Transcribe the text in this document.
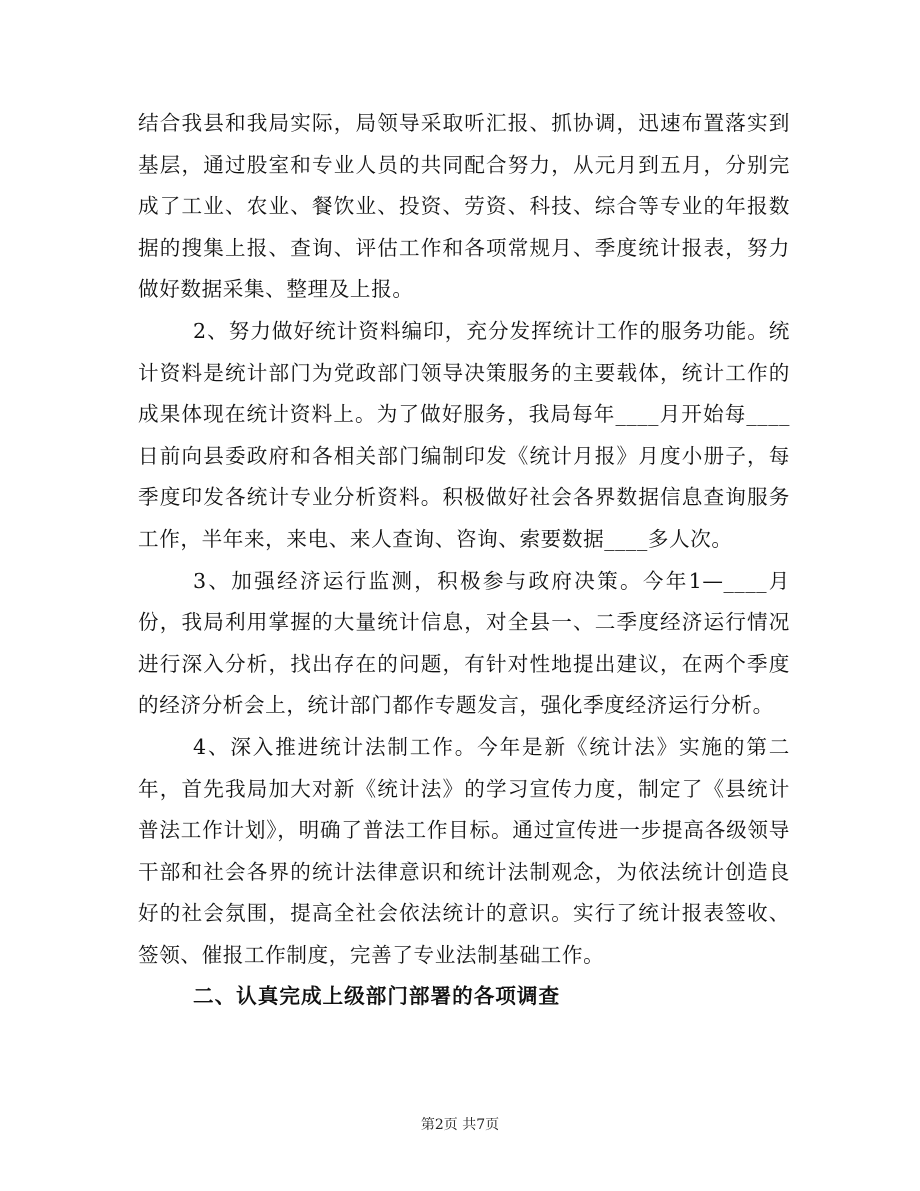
结合我县和我局实际，局领导采取听汇报、抓协调，迅速布置落实到基层，通过股室和专业人员的共同配合努力，从元月到五月，分别完成了工业、农业、餐饮业、投资、劳资、科技、综合等专业的年报数据的搜集上报、查询、评估工作和各项常规月、季度统计报表，努力做好数据采集、整理及上报。

2、努力做好统计资料编印，充分发挥统计工作的服务功能。统计资料是统计部门为党政部门领导决策服务的主要载体，统计工作的成果体现在统计资料上。为了做好服务，我局每年____月开始每____日前向县委政府和各相关部门编制印发《统计月报》月度小册子，每季度印发各统计专业分析资料。积极做好社会各界数据信息查询服务工作，半年来，来电、来人查询、咨询、索要数据____多人次。

3、加强经济运行监测，积极参与政府决策。今年1—____月份，我局利用掌握的大量统计信息，对全县一、二季度经济运行情况进行深入分析，找出存在的问题，有针对性地提出建议，在两个季度的经济分析会上，统计部门都作专题发言，强化季度经济运行分析。

4、深入推进统计法制工作。今年是新《统计法》实施的第二年，首先我局加大对新《统计法》的学习宣传力度，制定了《县统计普法工作计划》，明确了普法工作目标。通过宣传进一步提高各级领导干部和社会各界的统计法律意识和统计法制观念，为依法统计创造良好的社会氛围，提高全社会依法统计的意识。实行了统计报表签收、签领、催报工作制度，完善了专业法制基础工作。

二、认真完成上级部门部署的各项调查

第2页 共7页
